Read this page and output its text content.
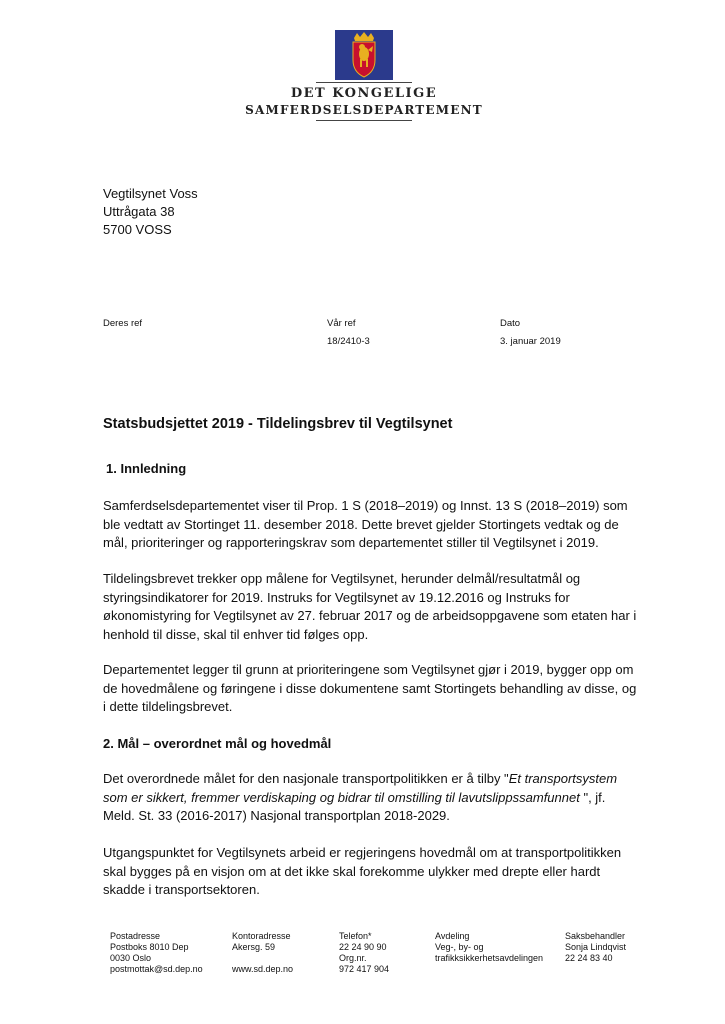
DET KONGELIGE
SAMFERDSELSDEPARTEMENT
Vegtilsynet Voss
Uttrågata 38
5700 VOSS
Deres ref	Vår ref
18/2410-3
Dato
3. januar 2019
Statsbudsjettet 2019 - Tildelingsbrev til Vegtilsynet
1. Innledning
Samferdselsdepartementet viser til Prop. 1 S (2018–2019) og Innst. 13 S (2018–2019) som
ble vedtatt av Stortinget 11. desember 2018. Dette brevet gjelder Stortingets vedtak og de
mål, prioriteringer og rapporteringskrav som departementet stiller til Vegtilsynet i 2019.
Tildelingsbrevet trekker opp målene for Vegtilsynet, herunder delmål/resultatmål og
styringsindikatorer for 2019. Instruks for Vegtilsynet av 19.12.2016 og Instruks for
økonomistyring for Vegtilsynet av 27. februar 2017 og de arbeidsoppgavene som etaten har i
henhold til disse, skal til enhver tid følges opp.
Departementet legger til grunn at prioriteringene som Vegtilsynet gjør i 2019, bygger opp om
de hovedmålene og føringene i disse dokumentene samt Stortingets behandling av disse, og
i dette tildelingsbrevet.
2. Mål – overordnet mål og hovedmål
Det overordnede målet for den nasjonale transportpolitikken er å tilby "Et transportsystem
som er sikkert, fremmer verdiskaping og bidrar til omstilling til lavutslippssamfunnet ", jf.
Meld. St. 33 (2016-2017) Nasjonal transportplan 2018-2029.
Utgangspunktet for Vegtilsynets arbeid er regjeringens hovedmål om at transportpolitikken
skal bygges på en visjon om at det ikke skal forekomme ulykker med drepte eller hardt
skadde i transportsektoren.
Postadresse
Postboks 8010 Dep
0030 Oslo
postmottak@sd.dep.no
Kontoradresse
Akersg. 59

www.sd.dep.no
Telefon*
22 24 90 90
Org.nr.
972 417 904
Avdeling
Veg-, by- og
trafikksikkerhetsavdelingen
Saksbehandler
Sonja Lindqvist
22 24 83 40
